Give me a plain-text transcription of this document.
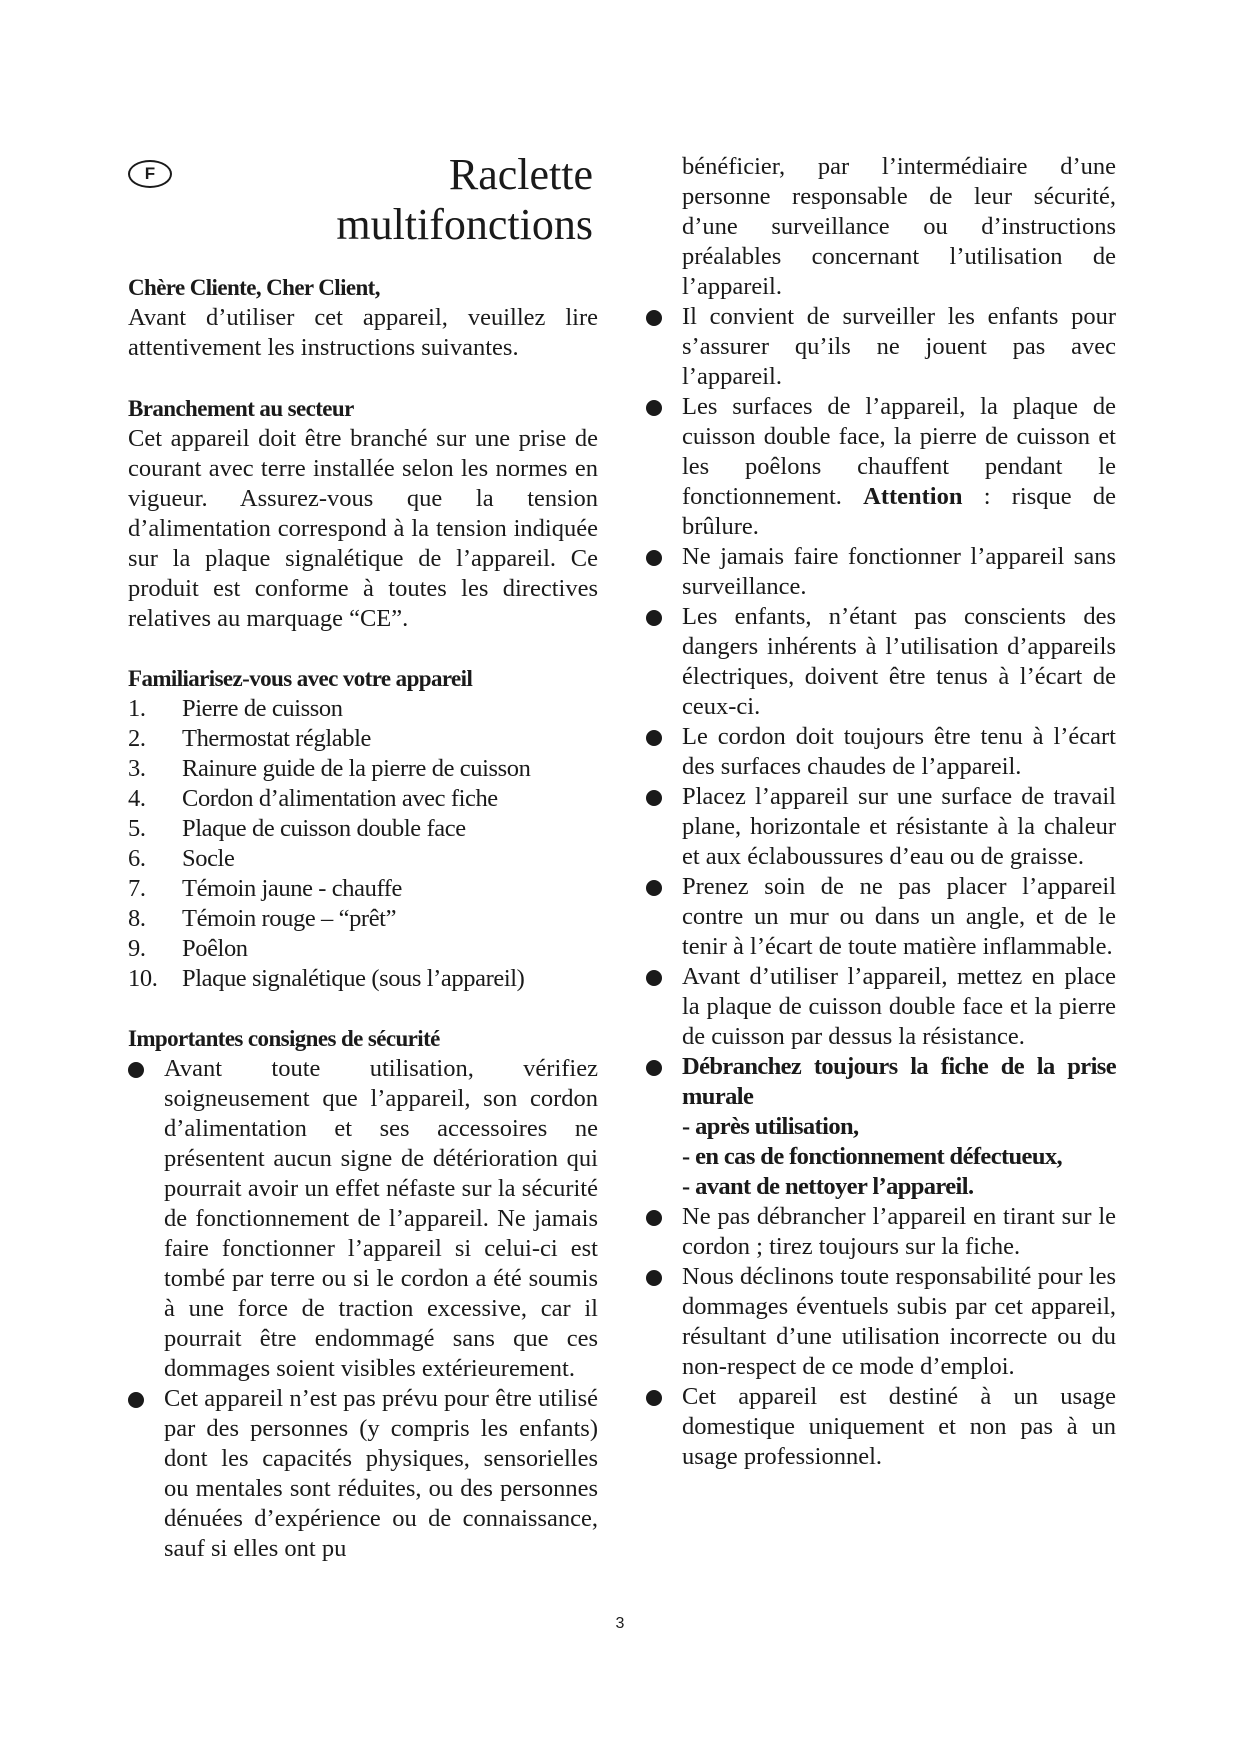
F	Raclette
multifonctions
Chère Cliente, Cher Client,

Avant d’utiliser cet appareil, veuillez lire attentivement les instructions suivantes.

Branchement au secteur

Cet appareil doit être branché sur une prise de courant avec terre installée selon les normes en vigueur. Assurez-vous que la tension d’alimentation correspond à la tension indiquée sur la plaque signalétique de l’appareil. Ce produit est conforme à toutes les directives relatives au marquage “CE”.

Familiarisez-vous avec votre appareil
1.	Pierre de cuisson
2.	Thermostat réglable
3.	Rainure guide de la pierre de cuisson
4.	Cordon d’alimentation avec fiche
5.	Plaque de cuisson double face
6.	Socle
7.	Témoin jaune - chauffe
8.	Témoin rouge – “prêt”
9.	Poêlon
10.	Plaque signalétique (sous l’appareil)
Importantes consignes de sécurité
Avant toute utilisation, vérifiez soigneusement que l’appareil, son cordon d’alimentation et ses accessoires ne présentent aucun signe de détérioration qui pourrait avoir un effet néfaste sur la sécurité de fonctionnement de l’appareil. Ne jamais faire fonctionner l’appareil si celui-ci est tombé par terre ou si le cordon a été soumis à une force de traction excessive, car il pourrait être endommagé sans que ces dommages soient visibles extérieurement.
Cet appareil n’est pas prévu pour être utilisé par des personnes (y compris les enfants) dont les capacités physiques, sensorielles ou mentales sont réduites, ou des personnes dénuées d’expérience ou de connaissance, sauf si elles ont pu
bénéficier, par l’intermédiaire d’une personne responsable de leur sécurité, d’une surveillance ou d’instructions préalables concernant l’utilisation de l’appareil.
Il convient de surveiller les enfants pour s’assurer qu’ils ne jouent pas avec l’appareil.
Les surfaces de l’appareil, la plaque de cuisson double face, la pierre de cuisson et les poêlons chauffent pendant le fonctionnement. Attention : risque de brûlure.
Ne jamais faire fonctionner l’appareil sans surveillance.
Les enfants, n’étant pas conscients des dangers inhérents à l’utilisation d’appareils électriques, doivent être tenus à l’écart de ceux-ci.
Le cordon doit toujours être tenu à l’écart des surfaces chaudes de l’appareil.
Placez l’appareil sur une surface de travail plane, horizontale et résistante à la chaleur et aux éclaboussures d’eau ou de graisse.
Prenez soin de ne pas placer l’appareil contre un mur ou dans un angle, et de le tenir à l’écart de toute matière inflammable.
Avant d’utiliser l’appareil, mettez en place la plaque de cuisson double face et la pierre de cuisson par dessus la résistance.
Débranchez toujours la fiche de la prise murale
- après utilisation,
- en cas de fonctionnement défectueux,
- avant de nettoyer l’appareil.
Ne pas débrancher l’appareil en tirant sur le cordon ; tirez toujours sur la fiche.
Nous déclinons toute responsabilité pour les dommages éventuels subis par cet appareil, résultant d’une utilisation incorrecte ou du non-respect de ce mode d’emploi.
Cet appareil est destiné à un usage domestique uniquement et non pas à un usage professionnel.
3
